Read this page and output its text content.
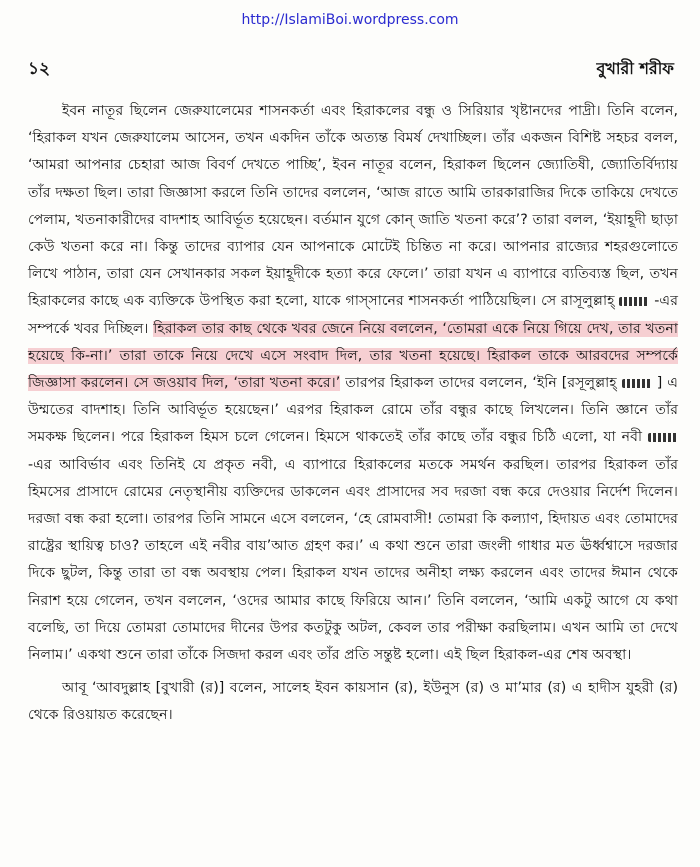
http://IslamiBoi.wordpress.com
১২	বুখারী শরীফ

ইবন নাতূর ছিলেন জেরুযালেমের শাসনকর্তা এবং হিরাকলের বন্ধু ও সিরিয়ার খৃষ্টানদের পাদ্রী। তিনি বলেন, ‘হিরাকল যখন জেরুযালেম আসেন, তখন একদিন তাঁকে অত্যন্ত বিমর্ষ দেখাচ্ছিল। তাঁর একজন বিশিষ্ট সহচর বলল, ‘আমরা আপনার চেহারা আজ বিবর্ণ দেখতে পাচ্ছি’, ইবন নাতূর বলেন, হিরাকল ছিলেন জ্যোতিষী, জ্যোতির্বিদ্যায় তাঁর দক্ষতা ছিল। তারা জিজ্ঞাসা করলে তিনি তাদের বললেন, ‘আজ রাতে আমি তারকারাজির দিকে তাকিয়ে দেখতে পেলাম, খতনাকারীদের বাদশাহ আবির্ভূত হয়েছেন। বর্তমান যুগে কোন্ জাতি খতনা করে’? তারা বলল, ‘ইয়াহূদী ছাড়া কেউ খতনা করে না। কিন্তু তাদের ব্যাপার যেন আপনাকে মোটেই চিন্তিত না করে। আপনার রাজ্যের শহরগুলোতে লিখে পাঠান, তারা যেন সেখানকার সকল ইয়াহূদীকে হত্যা করে ফেলে।’ তারা যখন এ ব্যাপারে ব্যতিব্যস্ত ছিল, তখন হিরাকলের কাছে এক ব্যক্তিকে উপস্থিত করা হলো, যাকে গাস্সানের শাসনকর্তা পাঠিয়েছিল। সে রাসূলুল্লাহ্	-এর সম্পর্কে খবর দিচ্ছিল। হিরাকল তার কাছ থেকে খবর জেনে নিয়ে বললেন, ‘তোমরা একে নিয়ে গিয়ে দেখ, তার খতনা হয়েছে কি-না।’ তারা তাকে নিয়ে দেখে এসে সংবাদ দিল, তার খতনা হয়েছে। হিরাকল তাকে আরবদের সম্পর্কে জিজ্ঞাসা করলেন। সে জওয়াব দিল, ‘তারা খতনা করে।’ তারপর হিরাকল তাদের বললেন, ‘ইনি [রসূলুল্লাহ্	] এ উম্মতের বাদশাহ। তিনি আবির্ভূত হয়েছেন।’ এরপর হিরাকল রোমে তাঁর বন্ধুর কাছে লিখলেন। তিনি জ্ঞানে তাঁর সমকক্ষ ছিলেন। পরে হিরাকল হিমস চলে গেলেন। হিমসে থাকতেই তাঁর কাছে তাঁর বন্ধুর চিঠি এলো, যা নবী  -এর আবির্ভাব এবং তিনিই যে প্রকৃত নবী, এ ব্যাপারে হিরাকলের মতকে সমর্থন করছিল। তারপর হিরাকল তাঁর হিমসের প্রাসাদে রোমের নেতৃস্থানীয় ব্যক্তিদের ডাকলেন এবং প্রাসাদের সব দরজা বন্ধ করে দেওয়ার নির্দেশ দিলেন। দরজা বন্ধ করা হলো। তারপর তিনি সামনে এসে বললেন, ‘হে রোমবাসী! তোমরা কি কল্যাণ, হিদায়ত এবং তোমাদের রাষ্ট্রের স্থায়িত্ব চাও? তাহলে এই নবীর বায়’আত গ্রহণ কর।’ এ কথা শুনে তারা জংলী গাধার মত ঊর্ধ্বশ্বাসে দরজার দিকে ছুটল, কিন্তু তারা তা বন্ধ অবস্থায় পেল। হিরাকল যখন তাদের অনীহা লক্ষ্য করলেন এবং তাদের ঈমান থেকে নিরাশ হয়ে গেলেন, তখন বললেন, ‘ওদের আমার কাছে ফিরিয়ে আন।’ তিনি বললেন, ‘আমি একটু আগে যে কথা বলেছি, তা দিয়ে তোমরা তোমাদের দীনের উপর কতটুকু অটল, কেবল তার পরীক্ষা করছিলাম। এখন আমি তা দেখে নিলাম।’ একথা শুনে তারা তাঁকে সিজদা করল এবং তাঁর প্রতি সন্তুষ্ট হলো। এই ছিল হিরাকল-এর শেষ অবস্থা।

আবূ ‘আবদুল্লাহ [বুখারী (র)] বলেন, সালেহ ইবন কায়সান (র), ইউনুস (র) ও মা’মার (র) এ হাদীস যুহরী (র) থেকে রিওয়ায়ত করেছেন।
